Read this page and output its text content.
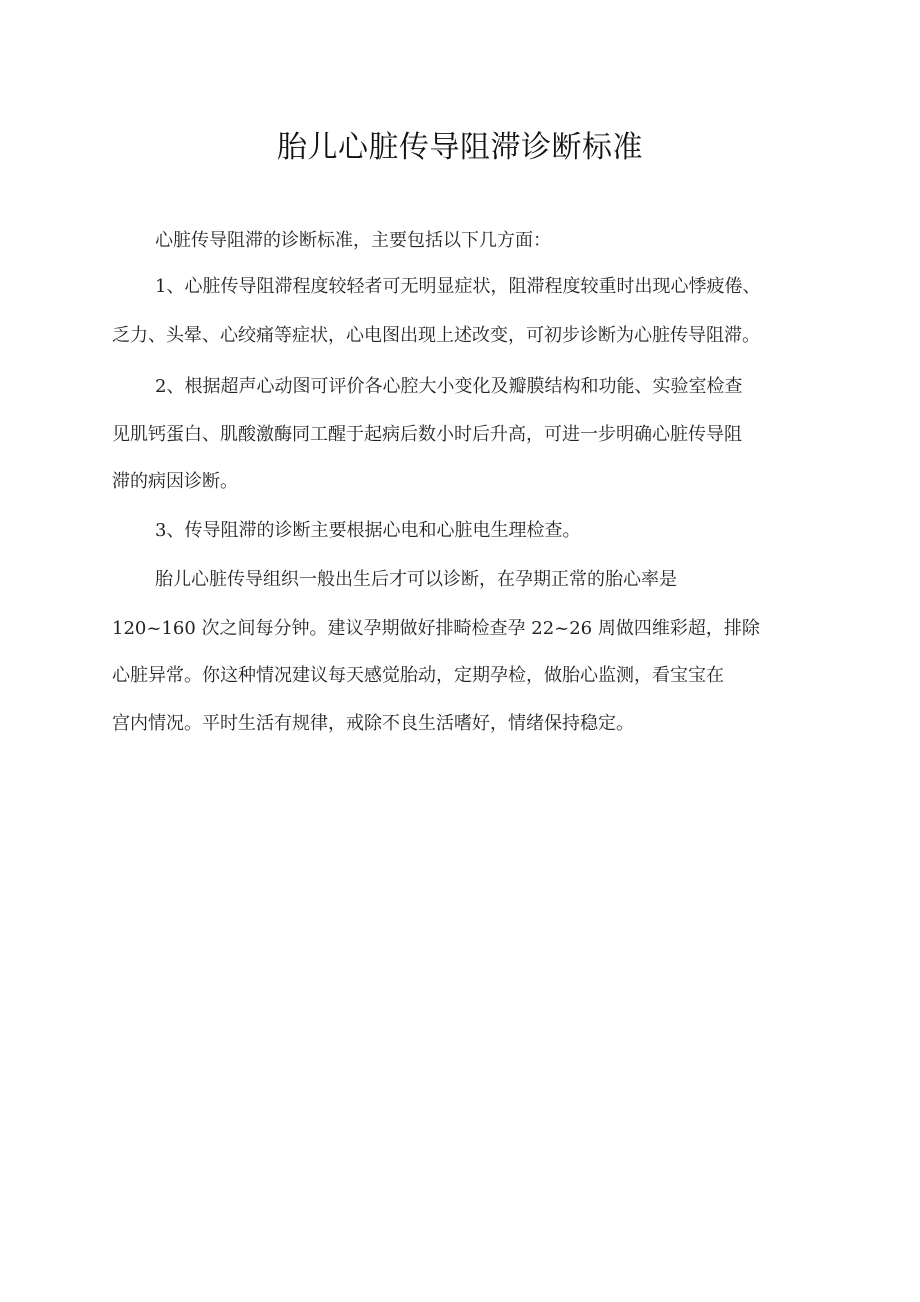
胎儿心脏传导阻滞诊断标准
心脏传导阻滞的诊断标准，主要包括以下几方面：
1、心脏传导阻滞程度较轻者可无明显症状，阻滞程度较重时出现心悸疲倦、
乏力、头晕、心绞痛等症状，心电图出现上述改变，可初步诊断为心脏传导阻滞。
2、根据超声心动图可评价各心腔大小变化及瓣膜结构和功能、实验室检查
见肌钙蛋白、肌酸激酶同工醒于起病后数小时后升高，可进一步明确心脏传导阻
滞的病因诊断。
3、传导阻滞的诊断主要根据心电和心脏电生理检查。
胎儿心脏传导组织一般出生后才可以诊断，在孕期正常的胎心率是
120~160 次之间每分钟。建议孕期做好排畸检查孕 22~26 周做四维彩超，排除
心脏异常。你这种情况建议每天感觉胎动，定期孕检，做胎心监测，看宝宝在
宫内情况。平时生活有规律，戒除不良生活嗜好，情绪保持稳定。
